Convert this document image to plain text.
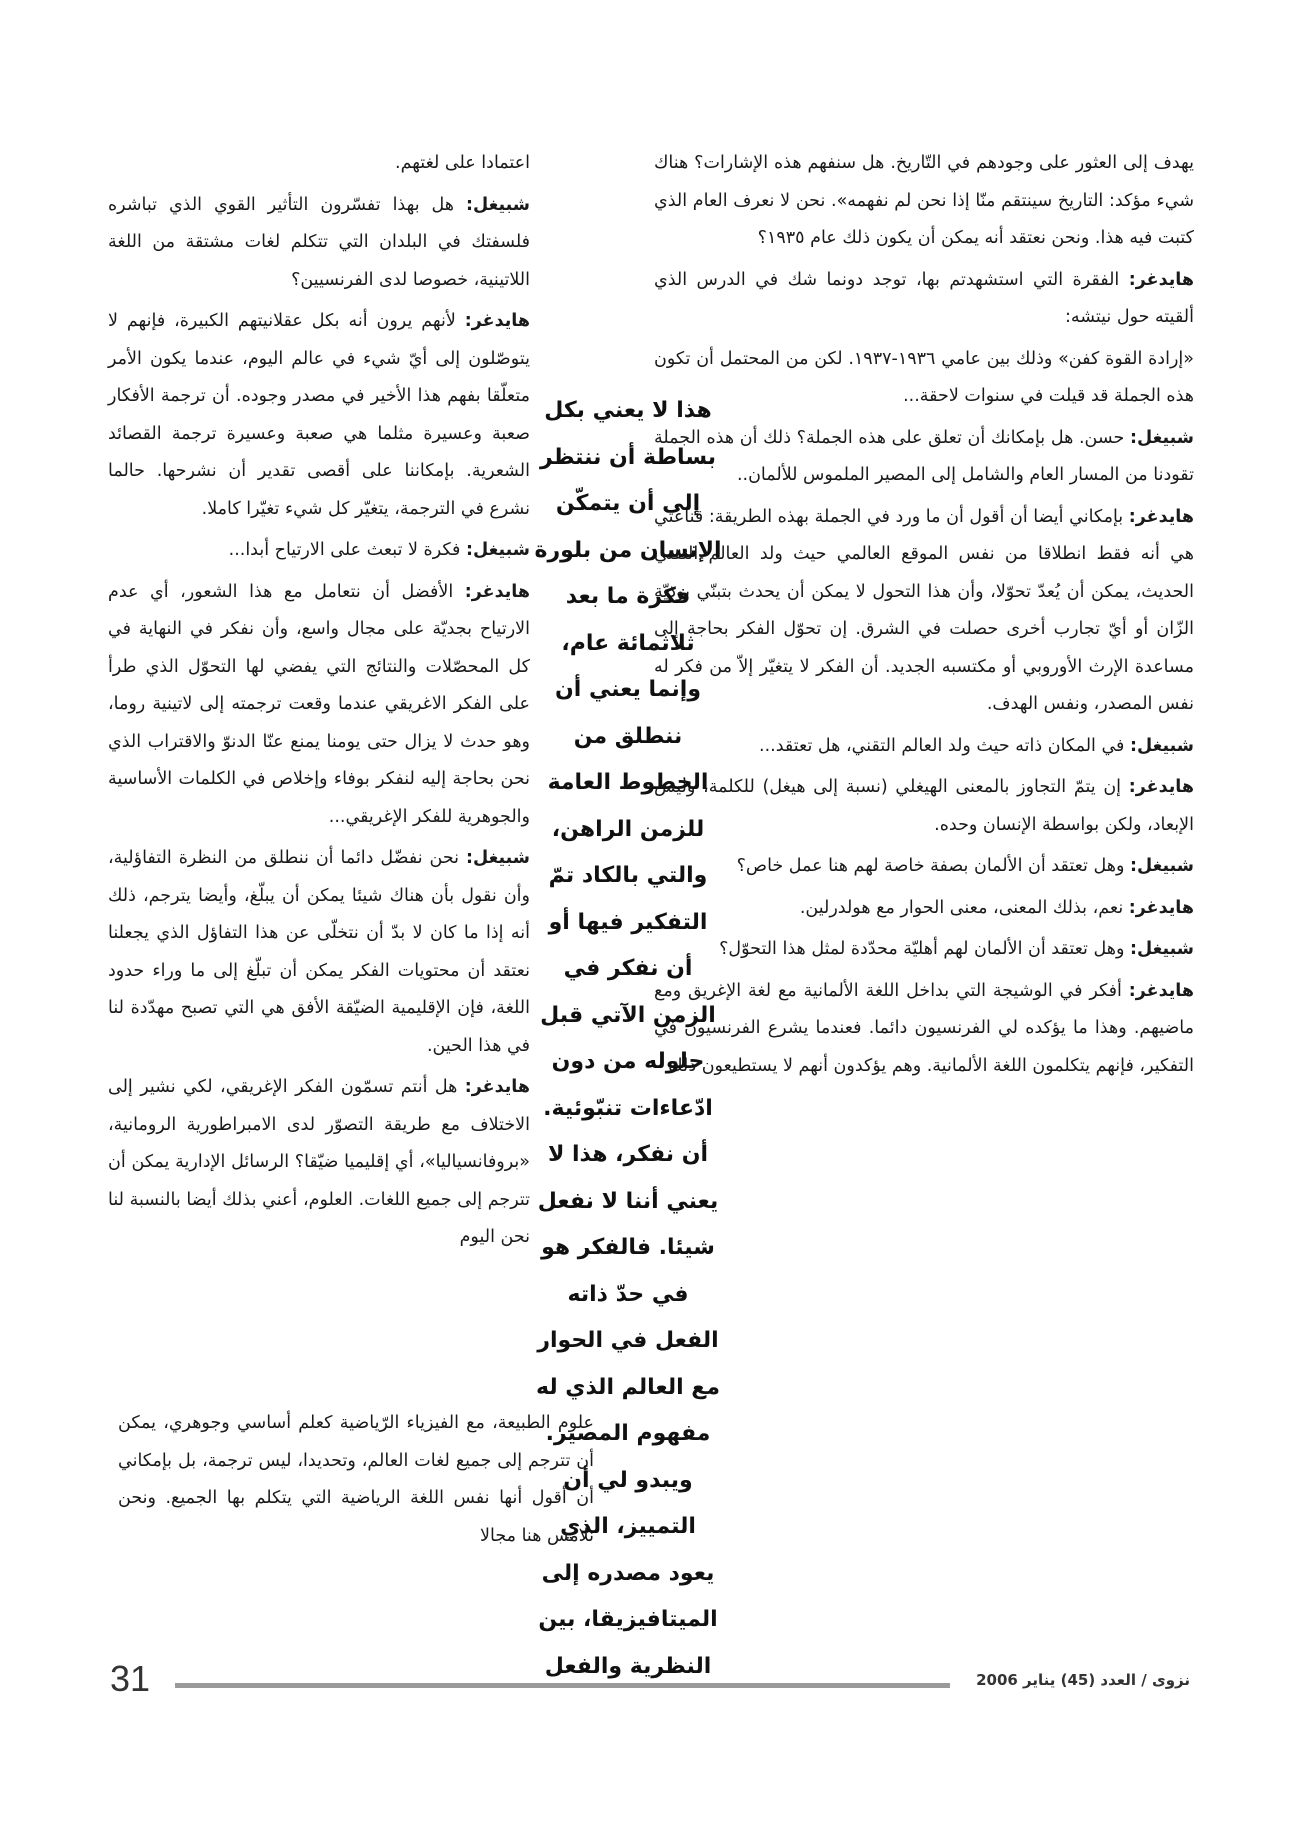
يهدف إلى العثور على وجودهم في التّاريخ. هل سنفهم هذه الإشارات؟ هناك شيء مؤكد: التاريخ سينتقم منّا إذا نحن لم نفهمه». نحن لا نعرف العام الذي كتبت فيه هذا. ونحن نعتقد أنه يمكن أن يكون ذلك عام ١٩٣٥؟

هايدغر: الفقرة التي استشهدتم بها، توجد دونما شك في الدرس الذي ألقيته حول نيتشه:

«إرادة القوة كفن» وذلك بين عامي ١٩٣٦-١٩٣٧. لكن من المحتمل أن تكون هذه الجملة قد قيلت في سنوات لاحقة...

شبيغل: حسن. هل بإمكانك أن تعلق على هذه الجملة؟ ذلك أن هذه الجملة تقودنا من المسار العام والشامل إلى المصير الملموس للألمان..

هايدغر: بإمكاني أيضا أن أقول أن ما ورد في الجملة بهذه الطريقة: قناعتي هي أنه فقط انطلاقا من نفس الموقع العالمي حيث ولد العالم التقني الحديث، يمكن أن يُعدّ تحوّلا، وأن هذا التحول لا يمكن أن يحدث بتبنّي بوذيّة الزّان أو أيّ تجارب أخرى حصلت في الشرق. إن تحوّل الفكر بحاجة إلى مساعدة الإرث الأوروبي أو مكتسبه الجديد. أن الفكر لا يتغيّر إلاّ من فكر له نفس المصدر، ونفس الهدف.

شبيغل: في المكان ذاته حيث ولد العالم التقني، هل تعتقد...

هايدغر: إن يتمّ التجاوز بالمعنى الهيغلي (نسبة إلى هيغل) للكلمة، وليس الإبعاد، ولكن بواسطة الإنسان وحده.

شبيغل: وهل تعتقد أن الألمان بصفة خاصة لهم هنا عمل خاص؟

هايدغر: نعم، بذلك المعنى، معنى الحوار مع هولدرلين.

شبيغل: وهل تعتقد أن الألمان لهم أهليّة محدّدة لمثل هذا التحوّل؟

هايدغر: أفكر في الوشيجة التي بداخل اللغة الألمانية مع لغة الإغريق ومع ماضيهم. وهذا ما يؤكده لي الفرنسيون دائما. فعندما يشرع الفرنسيون في التفكير، فإنهم يتكلمون اللغة الألمانية. وهم يؤكدون أنهم لا يستطيعون ذلك

هذا لا يعني بكل بساطة أن ننتظر إلى أن يتمكّن الإنسان من بلورة فكرة ما بعد ثلاثمائة عام، وإنما يعني أن ننطلق من الخطوط العامة للزمن الراهن، والتي بالكاد تمّ التفكير فيها أو أن نفكر في الزمن الآتي قبل حلوله من دون ادّعاءات تنبّوئية. أن نفكر، هذا لا يعني أننا لا نفعل شيئا. فالفكر هو في حدّ ذاته الفعل في الحوار مع العالم الذي له مفهوم المصير. ويبدو لي أن التمييز، الذي يعود مصدره إلى الميتافيزيقا، بين النظرية والفعل

اعتمادا على لغتهم.

شبيغل: هل بهذا تفسّرون التأثير القوي الذي تباشره فلسفتك في البلدان التي تتكلم لغات مشتقة من اللغة اللاتينية، خصوصا لدى الفرنسيين؟

هايدغر: لأنهم يرون أنه بكل عقلانيتهم الكبيرة، فإنهم لا يتوصّلون إلى أيّ شيء في عالم اليوم، عندما يكون الأمر متعلّقا بفهم هذا الأخير في مصدر وجوده. أن ترجمة الأفكار صعبة وعسيرة مثلما هي صعبة وعسيرة ترجمة القصائد الشعرية. بإمكاننا على أقصى تقدير أن نشرحها. حالما نشرع في الترجمة، يتغيّر كل شيء تغيّرا كاملا.

شبيغل: فكرة لا تبعث على الارتياح أبدا...

هايدغر: الأفضل أن نتعامل مع هذا الشعور، أي عدم الارتياح بجديّة على مجال واسع، وأن نفكر في النهاية في كل المحصّلات والنتائج التي يفضي لها التحوّل الذي طرأ على الفكر الاغريقي عندما وقعت ترجمته إلى لاتينية روما، وهو حدث لا يزال حتى يومنا يمنع عنّا الدنوّ والاقتراب الذي نحن بحاجة إليه لنفكر بوفاء وإخلاص في الكلمات الأساسية والجوهرية للفكر الإغريقي...

شبيغل: نحن نفضّل دائما أن ننطلق من النظرة التفاؤلية، وأن نقول بأن هناك شيئا يمكن أن يبلّغ، وأيضا يترجم، ذلك أنه إذا ما كان لا بدّ أن نتخلّى عن هذا التفاؤل الذي يجعلنا نعتقد أن محتويات الفكر يمكن أن تبلّغ إلى ما وراء حدود اللغة، فإن الإقليمية الضيّقة الأفق هي التي تصبح مهدّدة لنا في هذا الحين.

هايدغر: هل أنتم تسمّون الفكر الإغريقي، لكي نشير إلى الاختلاف مع طريقة التصوّر لدى الامبراطورية الرومانية، «بروفانسياليا»، أي إقليميا ضيّقا؟ الرسائل الإدارية يمكن أن تترجم إلى جميع اللغات. العلوم، أعني بذلك أيضا بالنسبة لنا نحن اليوم

علوم الطبيعة، مع الفيزياء الرّياضية كعلم أساسي وجوهري، يمكن أن تترجم إلى جميع لغات العالم، وتحديدا، ليس ترجمة، بل بإمكاني أن أقول أنها نفس اللغة الرياضية التي يتكلم بها الجميع. ونحن نلامس هنا مجالا
31	نزوى / العدد (45) يناير 2006
